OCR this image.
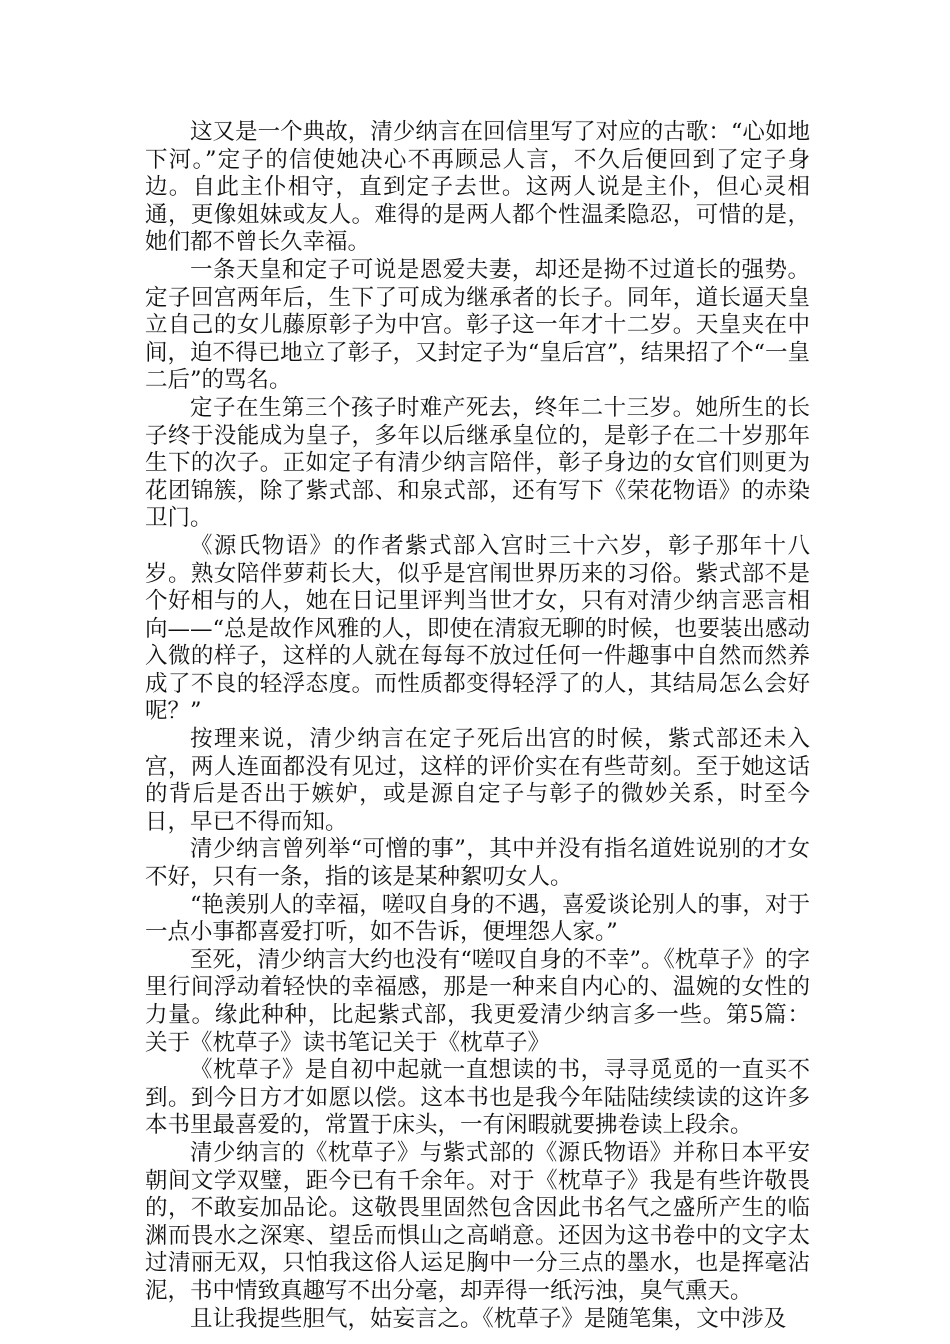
这又是一个典故，清少纳言在回信里写了对应的古歌：“心如地下河。”定子的信使她决心不再顾忌人言，不久后便回到了定子身边。自此主仆相守，直到定子去世。这两人说是主仆，但心灵相通，更像姐妹或友人。难得的是两人都个性温柔隐忍，可惜的是，她们都不曾长久幸福。

一条天皇和定子可说是恩爱夫妻，却还是拗不过道长的强势。定子回宫两年后，生下了可成为继承者的长子。同年，道长逼天皇立自己的女儿藤原彰子为中宫。彰子这一年才十二岁。天皇夹在中间，迫不得已地立了彰子，又封定子为“皇后宫”，结果招了个“一皇二后”的骂名。

定子在生第三个孩子时难产死去，终年二十三岁。她所生的长子终于没能成为皇子，多年以后继承皇位的，是彰子在二十岁那年生下的次子。正如定子有清少纳言陪伴，彰子身边的女官们则更为花团锦簇，除了紫式部、和泉式部，还有写下《荣花物语》的赤染卫门。

《源氏物语》的作者紫式部入宫时三十六岁，彰子那年十八岁。熟女陪伴萝莉长大，似乎是宫闱世界历来的习俗。紫式部不是个好相与的人，她在日记里评判当世才女，只有对清少纳言恶言相向——“总是故作风雅的人，即使在清寂无聊的时候，也要装出感动入微的样子，这样的人就在每每不放过任何一件趣事中自然而然养成了不良的轻浮态度。而性质都变得轻浮了的人，其结局怎么会好呢？”

按理来说，清少纳言在定子死后出宫的时候，紫式部还未入宫，两人连面都没有见过，这样的评价实在有些苛刻。至于她这话的背后是否出于嫉妒，或是源自定子与彰子的微妙关系，时至今日，早已不得而知。

清少纳言曾列举“可憎的事”，其中并没有指名道姓说别的才女不好，只有一条，指的该是某种絮叨女人。

“艳羡别人的幸福，嗟叹自身的不遇，喜爱谈论别人的事，对于一点小事都喜爱打听，如不告诉，便埋怨人家。”

至死，清少纳言大约也没有“嗟叹自身的不幸”。《枕草子》的字里行间浮动着轻快的幸福感，那是一种来自内心的、温婉的女性的力量。缘此种种，比起紫式部，我更爱清少纳言多一些。第5篇：关于《枕草子》读书笔记关于《枕草子》

《枕草子》是自初中起就一直想读的书，寻寻觅觅的一直买不到。到今日方才如愿以偿。这本书也是我今年陆陆续续读的这许多本书里最喜爱的，常置于床头，一有闲暇就要拂卷读上段余。

清少纳言的《枕草子》与紫式部的《源氏物语》并称日本平安朝间文学双璧，距今已有千余年。对于《枕草子》我是有些许敬畏的，不敢妄加品论。这敬畏里固然包含因此书名气之盛所产生的临渊而畏水之深寒、望岳而惧山之高峭意。还因为这书卷中的文字太过清丽无双，只怕我这俗人运足胸中一分三点的墨水，也是挥毫沾泥，书中情致真趣写不出分毫，却弄得一纸污浊，臭气熏天。

且让我提些胆气，姑妄言之。《枕草子》是随笔集，文中涉及
